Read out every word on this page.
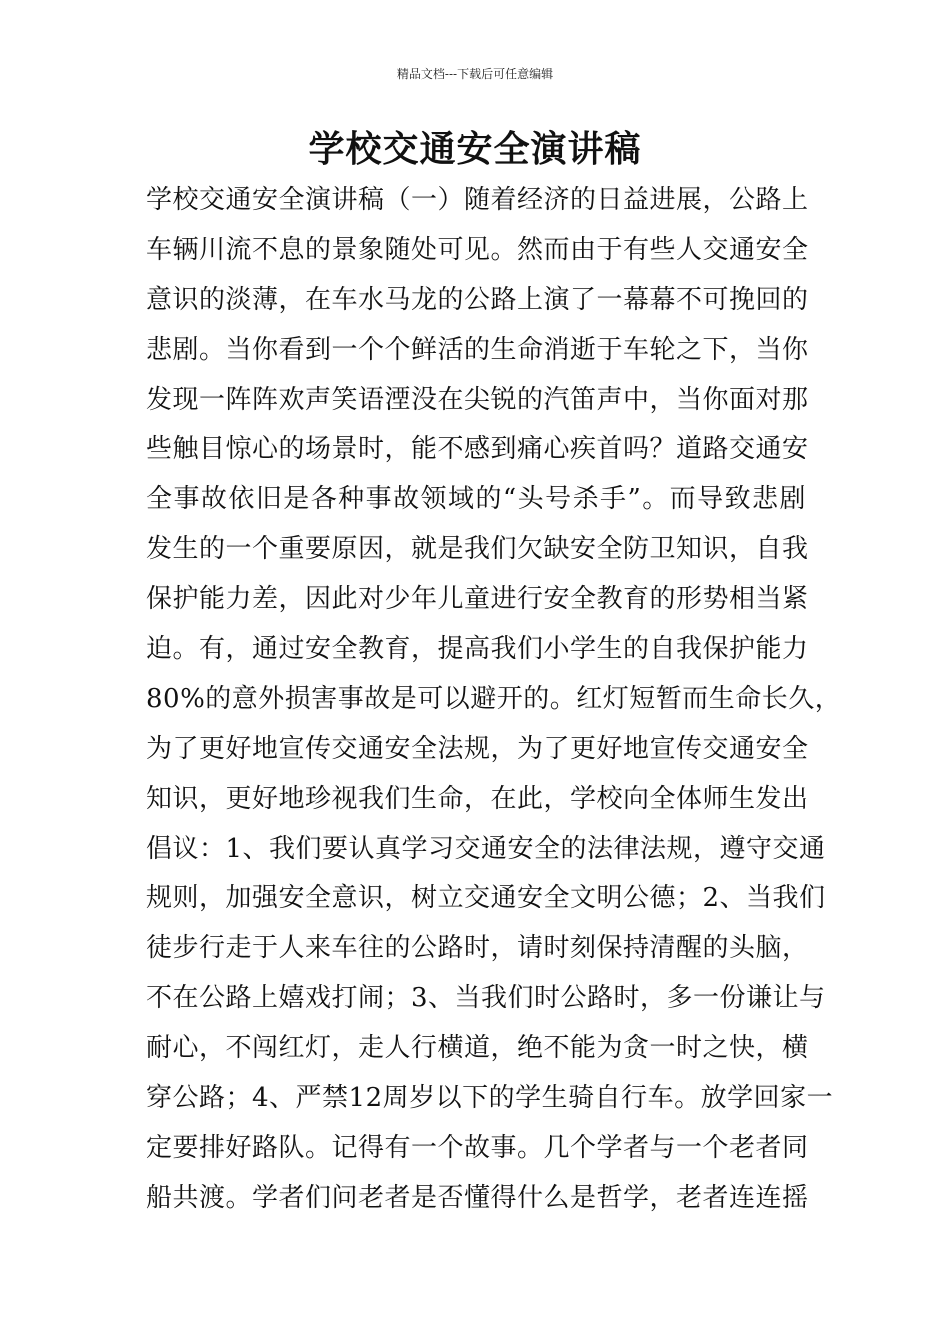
精品文档---下载后可任意编辑
学校交通安全演讲稿
学校交通安全演讲稿（一）随着经济的日益进展，公路上
车辆川流不息的景象随处可见。然而由于有些人交通安全
意识的淡薄，在车水马龙的公路上演了一幕幕不可挽回的
悲剧。当你看到一个个鲜活的生命消逝于车轮之下，当你
发现一阵阵欢声笑语湮没在尖锐的汽笛声中，当你面对那
些触目惊心的场景时，能不感到痛心疾首吗？道路交通安
全事故依旧是各种事故领域的“头号杀手”。而导致悲剧
发生的一个重要原因，就是我们欠缺安全防卫知识，自我
保护能力差，因此对少年儿童进行安全教育的形势相当紧
迫。有，通过安全教育，提高我们小学生的自我保护能力
80%的意外损害事故是可以避开的。红灯短暂而生命长久，
为了更好地宣传交通安全法规，为了更好地宣传交通安全
知识，更好地珍视我们生命，在此，学校向全体师生发出
倡议：1、我们要认真学习交通安全的法律法规，遵守交通
规则，加强安全意识，树立交通安全文明公德；2、当我们
徒步行走于人来车往的公路时，请时刻保持清醒的头脑，
不在公路上嬉戏打闹；3、当我们时公路时，多一份谦让与
耐心，不闯红灯，走人行横道，绝不能为贪一时之快，横
穿公路；4、严禁12周岁以下的学生骑自行车。放学回家一
定要排好路队。记得有一个故事。几个学者与一个老者同
船共渡。学者们问老者是否懂得什么是哲学，老者连连摇
